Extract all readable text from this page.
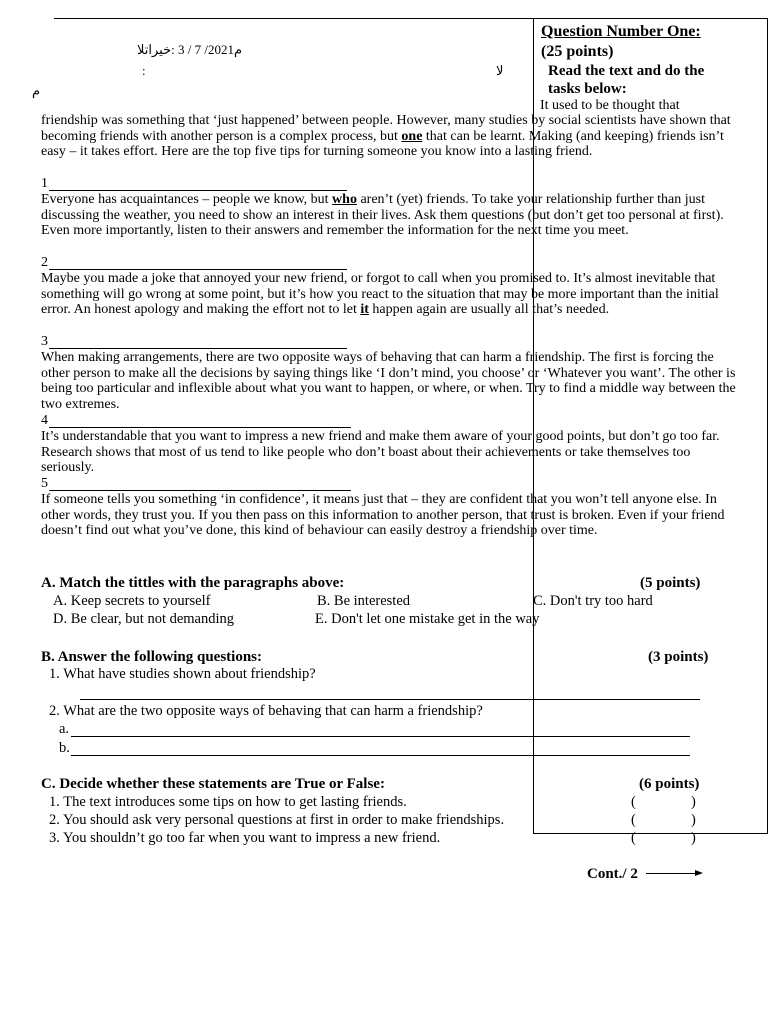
م2021/ 7 / 3 :خيراتلا
:	لا
م
Question Number One:
(25 points)
Read the text and do the
tasks below:
It used to be thought that
friendship was something that ‘just happened’ between people. However, many studies by social scientists have shown that becoming friends with another person is a complex process, but one that can be learnt. Making (and keeping) friends isn’t easy – it takes effort. Here are the top five tips for turning someone you know into a lasting friend.
1
Everyone has acquaintances – people we know, but who aren’t (yet) friends. To take your relationship further than just discussing the weather, you need to show an interest in their lives. Ask them questions (but don’t get too personal at first). Even more importantly, listen to their answers and remember the information for the next time you meet.
2
Maybe you made a joke that annoyed your new friend, or forgot to call when you promised to. It’s almost inevitable that something will go wrong at some point, but it’s how you react to the situation that may be more important than the initial error. An honest apology and making the effort not to let it happen again are usually all that’s needed.
3
When making arrangements, there are two opposite ways of behaving that can harm a friendship. The first is forcing the other person to make all the decisions by saying things like ‘I don’t mind, you choose’ or ‘Whatever you want’. The other is being too particular and inflexible about what you want to happen, or where, or when. Try to find a middle way between the two extremes.
4
It’s understandable that you want to impress a new friend and make them aware of your good points, but don’t go too far. Research shows that most of us tend to like people who don’t boast about their achievements or take themselves too seriously.
5
If someone tells you something ‘in confidence’, it means just that – they are confident that you won’t tell anyone else. In other words, they trust you. If you then pass on this information to another person, that trust is broken. Even if your friend doesn’t find out what you’ve done, this kind of behaviour can easily destroy a friendship over time.
A. Match the tittles with the paragraphs above:	(5 points)
A. Keep secrets to yourself	B. Be interested	C. Don't try too hard
D. Be clear, but not demanding	E. Don't let one mistake get in the way
B. Answer the following questions:	(3 points)
1. What have studies shown about friendship?
2. What are the two opposite ways of behaving that can harm a friendship?
a.
b.
C. Decide whether these statements are True or False:	(6 points)
1. The text introduces some tips on how to get lasting friends.	(	)
2. You should ask very personal questions at first in order to make friendships.	(	)
3. You shouldn’t go too far when you want to impress a new friend.	(	)
Cont./ 2
